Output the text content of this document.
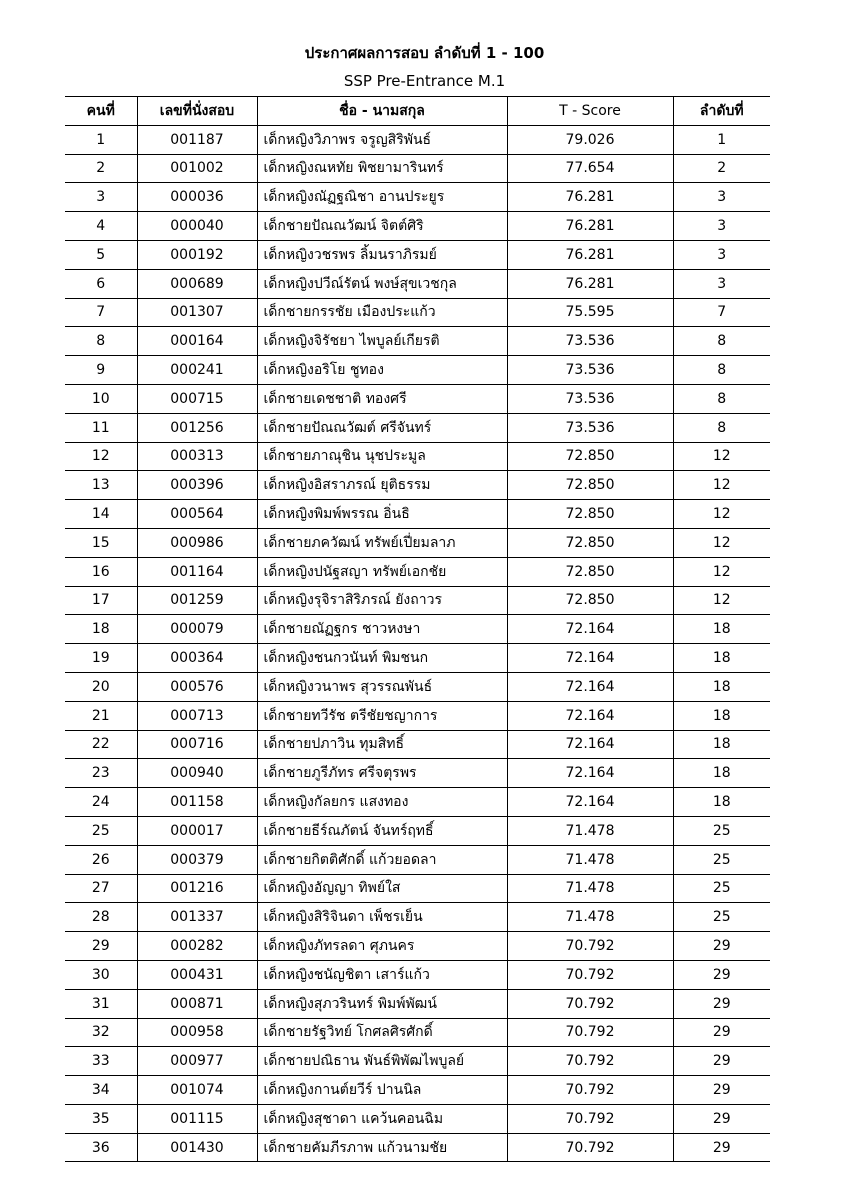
ประกาศผลการสอบ ลำดับที่ 1 - 100
SSP Pre-Entrance M.1
คนที่	เลขที่นั่งสอบ	ชื่อ - นามสกุล	T - Score	ลำดับที่
1	001187	เด็กหญิงวิภาพร จรูญสิริพันธ์	79.026	1
2	001002	เด็กหญิงณหทัย พิชยามารินทร์	77.654	2
3	000036	เด็กหญิงณัฏฐณิชา อานประยูร	76.281	3
4	000040	เด็กชายปัณณวัฒน์ จิตต์ศิริ	76.281	3
5	000192	เด็กหญิงวชรพร ลิ้มนราภิรมย์	76.281	3
6	000689	เด็กหญิงปวีณ์รัตน์ พงษ์สุขเวชกุล	76.281	3
7	001307	เด็กชายกรรชัย เมืองประแก้ว	75.595	7
8	000164	เด็กหญิงจิรัชยา ไพบูลย์เกียรติ	73.536	8
9	000241	เด็กหญิงอริโย ชูทอง	73.536	8
10	000715	เด็กชายเดชชาติ ทองศรี	73.536	8
11	001256	เด็กชายปัณณวัฒต์ ศรีจันทร์	73.536	8
12	000313	เด็กชายภาณุชิน นุชประมูล	72.850	12
13	000396	เด็กหญิงอิสราภรณ์ ยุติธรรม	72.850	12
14	000564	เด็กหญิงพิมพ์พรรณ อิ่นธิ	72.850	12
15	000986	เด็กชายภควัฒน์ ทรัพย์เปี่ยมลาภ	72.850	12
16	001164	เด็กหญิงปนัฐสญา ทรัพย์เอกชัย	72.850	12
17	001259	เด็กหญิงรุจิราสิริภรณ์ ยังถาวร	72.850	12
18	000079	เด็กชายณัฏฐกร ชาวหงษา	72.164	18
19	000364	เด็กหญิงชนกวนันท์ พิมชนก	72.164	18
20	000576	เด็กหญิงวนาพร สุวรรณพันธ์	72.164	18
21	000713	เด็กชายทวีรัช ตรีชัยชญาการ	72.164	18
22	000716	เด็กชายปภาวิน ทุมสิทธิ์	72.164	18
23	000940	เด็กชายภูรีภัทร ศรีจตุรพร	72.164	18
24	001158	เด็กหญิงกัลยกร แสงทอง	72.164	18
25	000017	เด็กชายธีร์ณภัตน์ จันทร์ฤทธิ์	71.478	25
26	000379	เด็กชายกิตติศักดิ์ แก้วยอดลา	71.478	25
27	001216	เด็กหญิงอัญญา ทิพย์ใส	71.478	25
28	001337	เด็กหญิงสิริจินดา เพ็ชรเย็น	71.478	25
29	000282	เด็กหญิงภัทรลดา ศุภนคร	70.792	29
30	000431	เด็กหญิงชนัญชิตา เสาร์แก้ว	70.792	29
31	000871	เด็กหญิงสุภวรินทร์ พิมพ์พัฒน์	70.792	29
32	000958	เด็กชายรัฐวิทย์ โกศลศิรศักดิ์	70.792	29
33	000977	เด็กชายปณิธาน พันธ์พิพัฒไพบูลย์	70.792	29
34	001074	เด็กหญิงกานต์ยวีร์ ปานนิล	70.792	29
35	001115	เด็กหญิงสุชาดา แคว้นคอนฉิม	70.792	29
36	001430	เด็กชายคัมภีรภาพ แก้วนามชัย	70.792	29
